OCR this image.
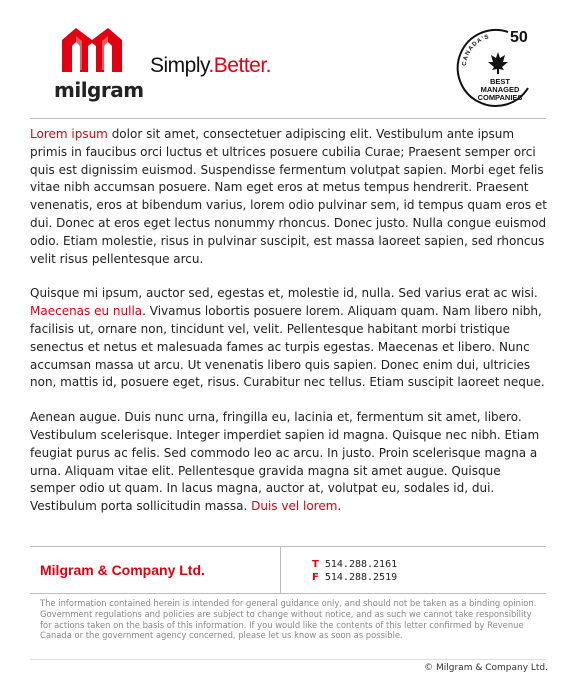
milgram
Simply.Better.	CANADA'S 50
BEST
MANAGED
COMPANIES

Lorem ipsum dolor sit amet, consectetuer adipiscing elit. Vestibulum ante ipsum primis in faucibus orci luctus et ultrices posuere cubilia Curae; Praesent semper orci quis est dignissim euismod. Suspendisse fermentum volutpat sapien. Morbi eget felis vitae nibh accumsan posuere. Nam eget eros at metus tempus hendrerit. Praesent venenatis, eros at bibendum varius, lorem odio pulvinar sem, id tempus quam eros et dui. Donec at eros eget lectus nonummy rhoncus. Donec justo. Nulla congue euismod odio. Etiam molestie, risus in pulvinar suscipit, est massa laoreet sapien, sed rhoncus velit risus pellentesque arcu.

Quisque mi ipsum, auctor sed, egestas et, molestie id, nulla. Sed varius erat ac wisi. Maecenas eu nulla. Vivamus lobortis posuere lorem. Aliquam quam. Nam libero nibh, facilisis ut, ornare non, tincidunt vel, velit. Pellentesque habitant morbi tristique senectus et netus et malesuada fames ac turpis egestas. Maecenas et libero. Nunc accumsan massa ut arcu. Ut venenatis libero quis sapien. Donec enim dui, ultricies non, mattis id, posuere eget, risus. Curabitur nec tellus. Etiam suscipit laoreet neque.

Aenean augue. Duis nunc urna, fringilla eu, lacinia et, fermentum sit amet, libero. Vestibulum scelerisque. Integer imperdiet sapien id magna. Quisque nec nibh. Etiam feugiat purus ac felis. Sed commodo leo ac arcu. In justo. Proin scelerisque magna a urna. Aliquam vitae elit. Pellentesque gravida magna sit amet augue. Quisque semper odio ut quam. In lacus magna, auctor at, volutpat eu, sodales id, dui. Vestibulum porta sollicitudin massa. Duis vel lorem.

Milgram & Company Ltd.	T 514.288.2161
F 514.288.2519
The information contained herein is intended for general guidance only, and should not be taken as a binding opinion. Government regulations and policies are subject to change without notice, and as such we cannot take responsibility for actions taken on the basis of this information. If you would like the contents of this letter confirmed by Revenue Canada or the government agency concerned, please let us know as soon as possible.
© Milgram & Company Ltd.
